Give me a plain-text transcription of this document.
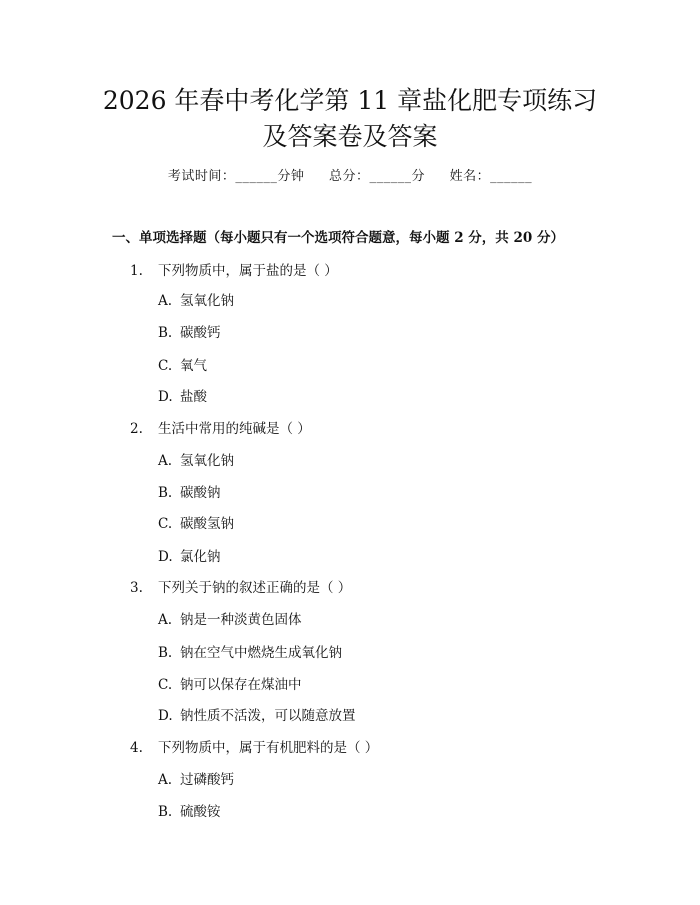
2026 年春中考化学第 11 章盐化肥专项练习
及答案卷及答案
考试时间：______分钟 总分：______分 姓名：______
一、单项选择题（每小题只有一个选项符合题意，每小题 2 分，共 20 分）
1.	下列物质中，属于盐的是（ ）
A. 氢氧化钠
B. 碳酸钙
C. 氧气
D. 盐酸
2.	生活中常用的纯碱是（ ）
A. 氢氧化钠
B. 碳酸钠
C. 碳酸氢钠
D. 氯化钠
3.	下列关于钠的叙述正确的是（ ）
A. 钠是一种淡黄色固体
B. 钠在空气中燃烧生成氧化钠
C. 钠可以保存在煤油中
D. 钠性质不活泼，可以随意放置
4.	下列物质中，属于有机肥料的是（ ）
A. 过磷酸钙
B. 硫酸铵
